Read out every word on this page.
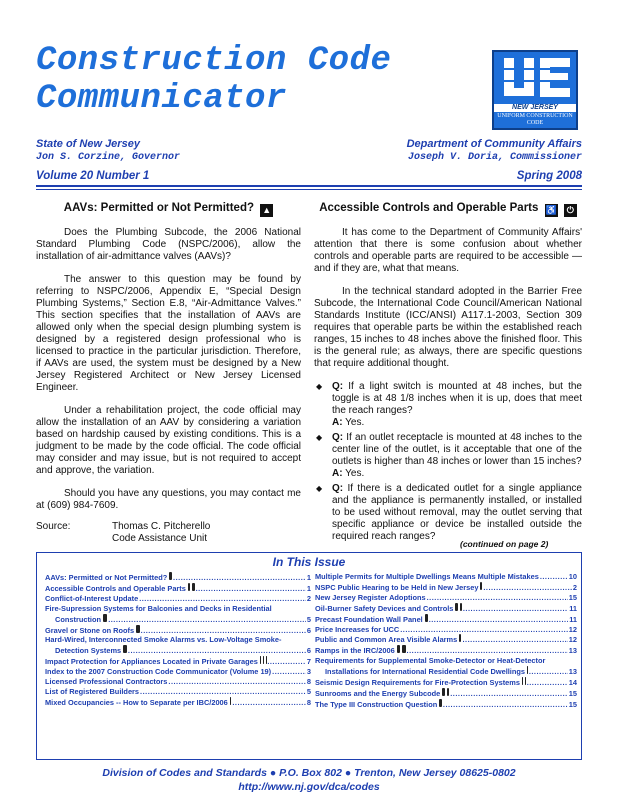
Construction Code
Communicator	NEW JERSEY
UNIFORM CONSTRUCTION
CODE
State of New Jersey	Department of Community Affairs
Jon S. Corzine, Governor	Joseph V. Doria, Commissioner
Volume 20 Number 1	Spring 2008
AAVs: Permitted or Not Permitted? ▲

Does the Plumbing Subcode, the 2006 National Standard Plumbing Code (NSPC/2006), allow the installation of air-admittance valves (AAVs)?

The answer to this question may be found by referring to NSPC/2006, Appendix E, “Special Design Plumbing Systems,” Section E.8, “Air-Admittance Valves.” This section specifies that the installation of AAVs are allowed only when the special design plumbing system is designed by a registered design professional who is licensed to practice in the particular jurisdiction. Therefore, if AAVs are used, the system must be designed by a New Jersey Registered Architect or New Jersey Licensed Engineer.

Under a rehabilitation project, the code official may allow the installation of an AAV by considering a variation based on hardship caused by existing conditions. This is a judgment to be made by the code official. The code official may consider and may issue, but is not required to accept and approve, the variation.

Should you have any questions, you may contact me at (609) 984-7609.

Source:	Thomas C. Pitcherello
Code Assistance Unit
Accessible Controls and Operable Parts ♿ ⏻

It has come to the Department of Community Affairs' attention that there is some confusion about whether controls and operable parts are required to be accessible — and if they are, what that means.

In the technical standard adopted in the Barrier Free Subcode, the International Code Council/American National Standards Institute (ICC/ANSI) A117.1-2003, Section 309 requires that operable parts be within the established reach ranges, 15 inches to 48 inches above the finished floor. This is the general rule; as always, there are specific questions that require additional thought.

◆ Q: If a light switch is mounted at 48 inches, but the toggle is at 48 1/8 inches when it is up, does that meet the reach ranges?
A: Yes.
◆ Q: If an outlet receptacle is mounted at 48 inches to the center line of the outlet, is it acceptable that one of the outlets is higher than 48 inches or lower than 15 inches?
A: Yes.
◆ Q: If there is a dedicated outlet for a single appliance and the appliance is permanently installed, or installed to be used without removal, may the outlet serving that specific appliance or device be installed outside the required reach ranges?
(continued on page 2)
In This Issue
AAVs: Permitted or Not Permitted? .....	1
Accessible Controls and Operable Parts .....	1
Conflict-of-Interest Update .....	2
Fire-Supression Systems for Balconies and Decks in Residential
Construction .....	5
Gravel or Stone on Roofs .....	6
Hard-Wired, Interconnected Smoke Alarms vs. Low-Voltage Smoke-
Detection Systems .....	6
Impact Protection for Appliances Located in Private Garages .....	7
Index to the 2007 Construction Code Communicator (Volume 19) .....	3
Licensed Professional Contractors .....	8
List of Registered Builders .....	5
Mixed Occupancies -- How to Separate per IBC/2006 .....	8
Multiple Permits for Multiple Dwellings Means Multiple Mistakes .....	10
NSPC Public Hearing to be Held in New Jersey .....	2
New Jersey Register Adoptions .....	15
Oil-Burner Safety Devices and Controls .....	11
Precast Foundation Wall Panel .....	11
Price Increases for UCC .....	12
Public and Common Area Visible Alarms .....	12
Ramps in the IRC/2006 .....	13
Requirements for Supplemental Smoke-Detector or Heat-Detector
Installations for International Residential Code Dwellings .....	13
Seismic Design Requirements for Fire-Protection Systems .....	14
Sunrooms and the Energy Subcode .....	15
The Type III Construction Question .....	15
Division of Codes and Standards ● P.O. Box 802 ● Trenton, New Jersey 08625-0802
http://www.nj.gov/dca/codes
